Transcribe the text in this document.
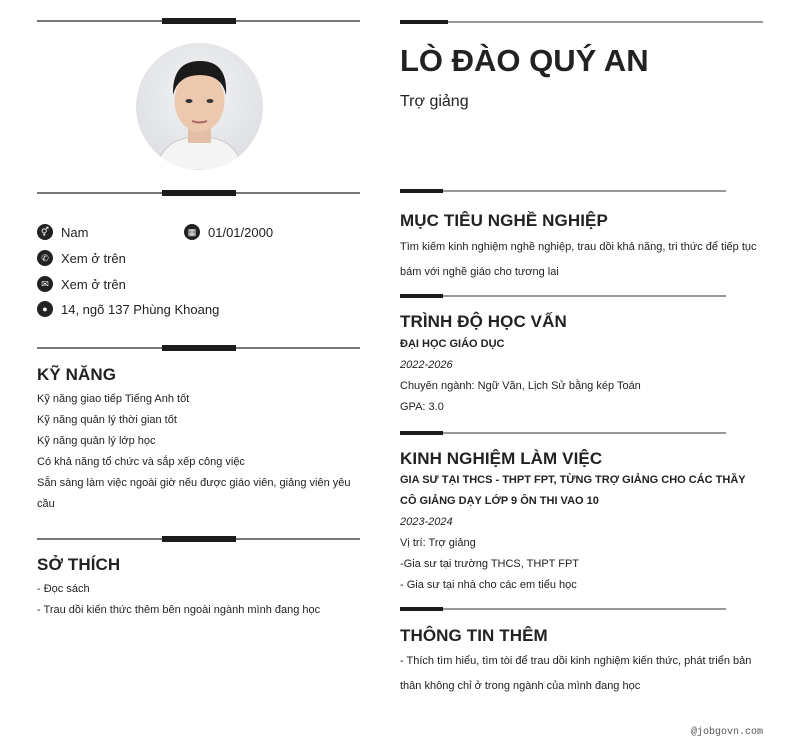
⚥ Nam	▦ 01/01/2000
✆ Xem ở trên
✉ Xem ở trên
●	14, ngõ 137 Phùng Khoang
KỸ NĂNG
Kỹ năng giao tiếp Tiếng Anh tốt
Kỹ năng quản lý thời gian tốt
Kỹ năng quản lý lớp học
Có khả năng tổ chức và sắp xếp công việc
Sẵn sàng làm việc ngoài giờ nếu được giáo viên, giảng viên yêu cầu
SỞ THÍCH
- Đọc sách
- Trau dồi kiến thức thêm bên ngoài ngành mình đang học
LÒ ĐÀO QUÝ AN
Trợ giảng
MỤC TIÊU NGHỀ NGHIỆP
Tìm kiếm kinh nghiệm nghề nghiệp, trau dồi khả năng, tri thức để tiếp tục bám với nghề giáo cho tương lai
TRÌNH ĐỘ HỌC VẤN
ĐẠI HỌC GIÁO DỤC
2022-2026
Chuyên ngành: Ngữ Văn, Lịch Sử bằng kép Toán
GPA: 3.0
KINH NGHIỆM LÀM VIỆC
GIA SƯ TẠI THCS - THPT FPT, TỪNG TRỢ GIẢNG CHO CÁC THẦY CÔ GIẢNG DẠY LỚP 9 ÔN THI VAO 10
2023-2024
Vị trí: Trợ giảng
-Gia sư tại trường THCS, THPT FPT
- Gia sư tại nhà cho các em tiểu học
THÔNG TIN THÊM
- Thích tìm hiểu, tìm tòi để trau dồi kinh nghiệm kiến thức, phát triển bản thân không chỉ ở trong ngành của mình đang học
@jobgovn.com
